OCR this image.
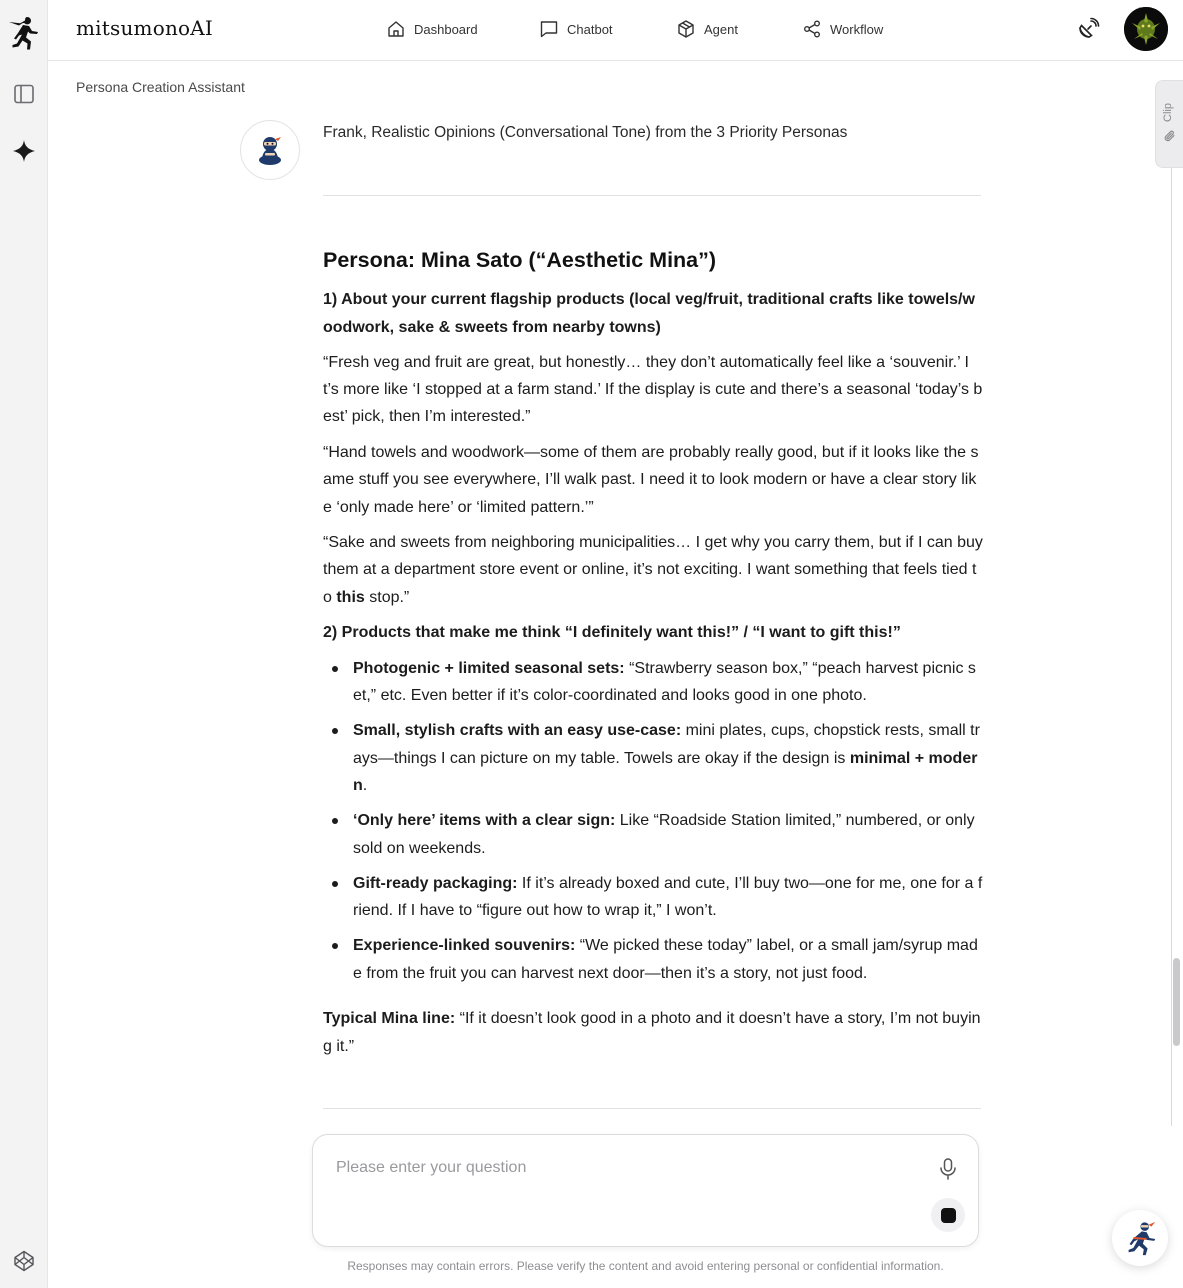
mitsumonoAI	Dashboard	Chatbot	Agent	Workflow
Clip
Persona Creation Assistant
Frank, Realistic Opinions (Conversational Tone) from the 3 Priority Personas
Persona: Mina Sato (“Aesthetic Mina”)
1) About your current flagship products (local veg/fruit, traditional crafts like towels/woodwork, sake & sweets from nearby towns)

“Fresh veg and fruit are great, but honestly… they don’t automatically feel like a ‘souvenir.’ It’s more like ‘I stopped at a farm stand.’ If the display is cute and there’s a seasonal ‘today’s best’ pick, then I’m interested.”

“Hand towels and woodwork—some of them are probably really good, but if it looks like the same stuff you see everywhere, I’ll walk past. I need it to look modern or have a clear story like ‘only made here’ or ‘limited pattern.’”

“Sake and sweets from neighboring municipalities… I get why you carry them, but if I can buy them at a department store event or online, it’s not exciting. I want something that feels tied to this stop.”

2) Products that make me think “I definitely want this!” / “I want to gift this!”
Photogenic + limited seasonal sets: “Strawberry season box,” “peach harvest picnic set,” etc. Even better if it’s color-coordinated and looks good in one photo.
Small, stylish crafts with an easy use-case: mini plates, cups, chopstick rests, small trays—things I can picture on my table. Towels are okay if the design is minimal + modern.
‘Only here’ items with a clear sign: Like “Roadside Station limited,” numbered, or only sold on weekends.
Gift-ready packaging: If it’s already boxed and cute, I’ll buy two—one for me, one for a friend. If I have to “figure out how to wrap it,” I won’t.
Experience-linked souvenirs: “We picked these today” label, or a small jam/syrup made from the fruit you can harvest next door—then it’s a story, not just food.

Typical Mina line: “If it doesn’t look good in a photo and it doesn’t have a story, I’m not buying it.”

Please enter your question
Responses may contain errors. Please verify the content and avoid entering personal or confidential information.
